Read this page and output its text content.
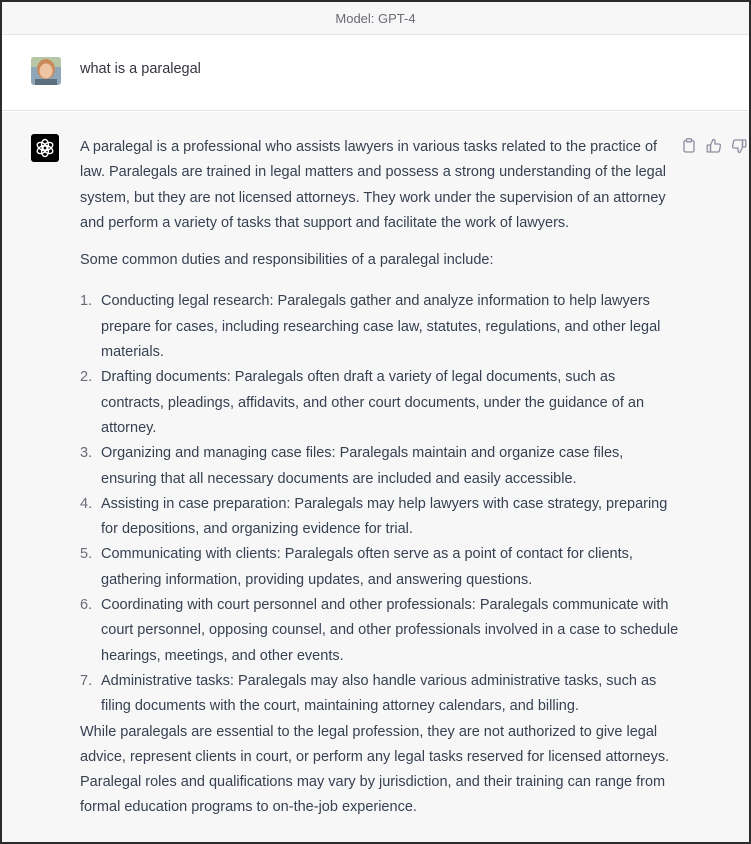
Model: GPT-4
what is a paralegal

A paralegal is a professional who assists lawyers in various tasks related to the practice of law. Paralegals are trained in legal matters and possess a strong understanding of the legal system, but they are not licensed attorneys. They work under the supervision of an attorney and perform a variety of tasks that support and facilitate the work of lawyers.

Some common duties and responsibilities of a paralegal include:

1. Conducting legal research: Paralegals gather and analyze information to help lawyers prepare for cases, including researching case law, statutes, regulations, and other legal materials.
2. Drafting documents: Paralegals often draft a variety of legal documents, such as contracts, pleadings, affidavits, and other court documents, under the guidance of an attorney.
3. Organizing and managing case files: Paralegals maintain and organize case files, ensuring that all necessary documents are included and easily accessible.
4. Assisting in case preparation: Paralegals may help lawyers with case strategy, preparing for depositions, and organizing evidence for trial.
5. Communicating with clients: Paralegals often serve as a point of contact for clients, gathering information, providing updates, and answering questions.
6. Coordinating with court personnel and other professionals: Paralegals communicate with court personnel, opposing counsel, and other professionals involved in a case to schedule hearings, meetings, and other events.
7. Administrative tasks: Paralegals may also handle various administrative tasks, such as filing documents with the court, maintaining attorney calendars, and billing.

While paralegals are essential to the legal profession, they are not authorized to give legal advice, represent clients in court, or perform any legal tasks reserved for licensed attorneys. Paralegal roles and qualifications may vary by jurisdiction, and their training can range from formal education programs to on-the-job experience.
